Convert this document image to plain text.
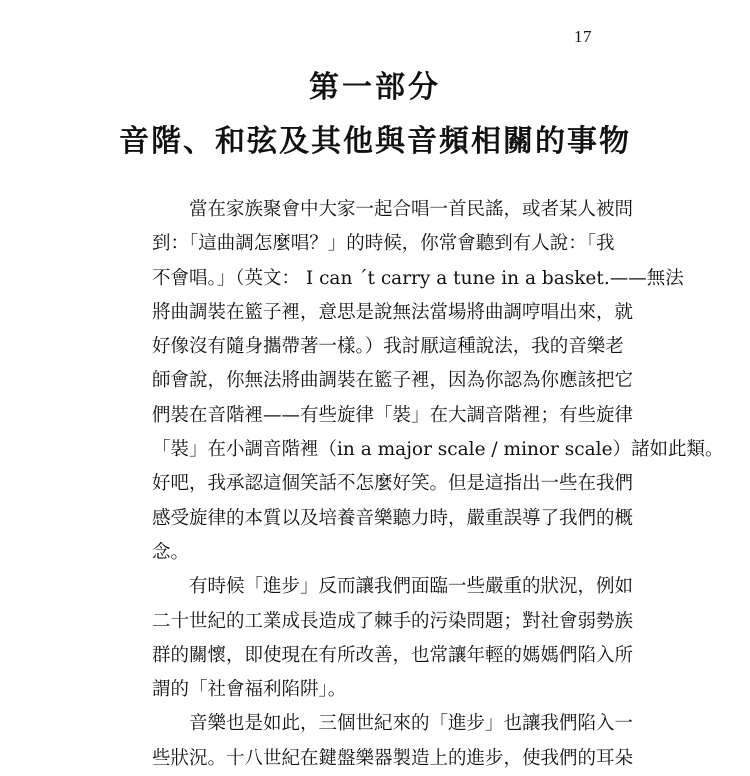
17
第一部分
音階、和弦及其他與音頻相關的事物
當在家族聚會中大家一起合唱一首民謠，或者某人被問
到：「這曲調怎麼唱？」的時候，你常會聽到有人說：「我
不會唱。」（英文： I can ˊt carry a tune in a basket.——無法
將曲調裝在籃子裡，意思是說無法當場將曲調哼唱出來，就
好像沒有隨身攜帶著一樣。）我討厭這種說法，我的音樂老
師會說，你無法將曲調裝在籃子裡，因為你認為你應該把它
們裝在音階裡——有些旋律「裝」在大調音階裡；有些旋律
「裝」在小調音階裡（in a major scale / minor scale）諸如此類。
好吧，我承認這個笑話不怎麼好笑。但是這指出一些在我們
感受旋律的本質以及培養音樂聽力時，嚴重誤導了我們的概
念。
有時候「進步」反而讓我們面臨一些嚴重的狀況，例如
二十世紀的工業成長造成了棘手的污染問題；對社會弱勢族
群的關懷，即使現在有所改善，也常讓年輕的媽媽們陷入所
謂的「社會福利陷阱」。
音樂也是如此，三個世紀來的「進步」也讓我們陷入一
些狀況。十八世紀在鍵盤樂器製造上的進步，使我們的耳朵
